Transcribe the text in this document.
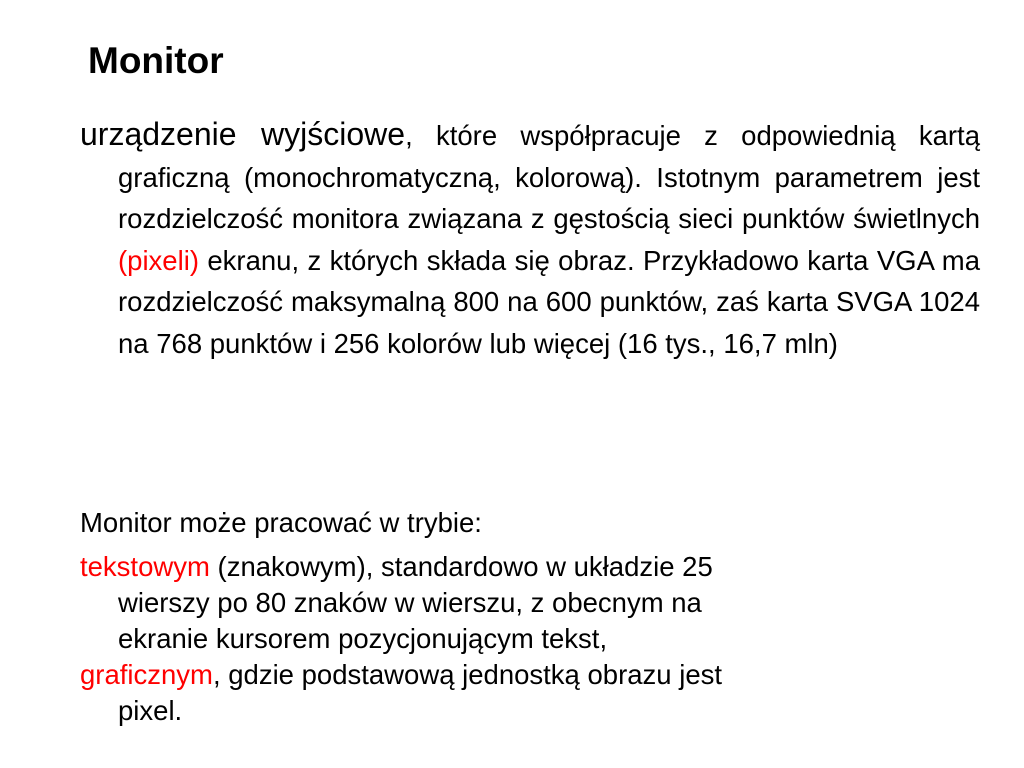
Monitor

urządzenie wyjściowe, które współpracuje z odpowiednią kartą graficzną (monochromatyczną, kolorową). Istotnym parametrem jest rozdzielczość monitora związana z gęstością sieci punktów świetlnych (pixeli) ekranu, z których składa się obraz. Przykładowo karta VGA ma rozdzielczość maksymalną 800 na 600 punktów, zaś karta SVGA 1024 na 768 punktów i 256 kolorów lub więcej (16 tys., 16,7 mln)

Monitor może pracować w trybie:

tekstowym (znakowym), standardowo w układzie 25
wierszy po 80 znaków w wierszu, z obecnym na
ekranie kursorem pozycjonującym tekst,

graficznym, gdzie podstawową jednostką obrazu jest
pixel.
